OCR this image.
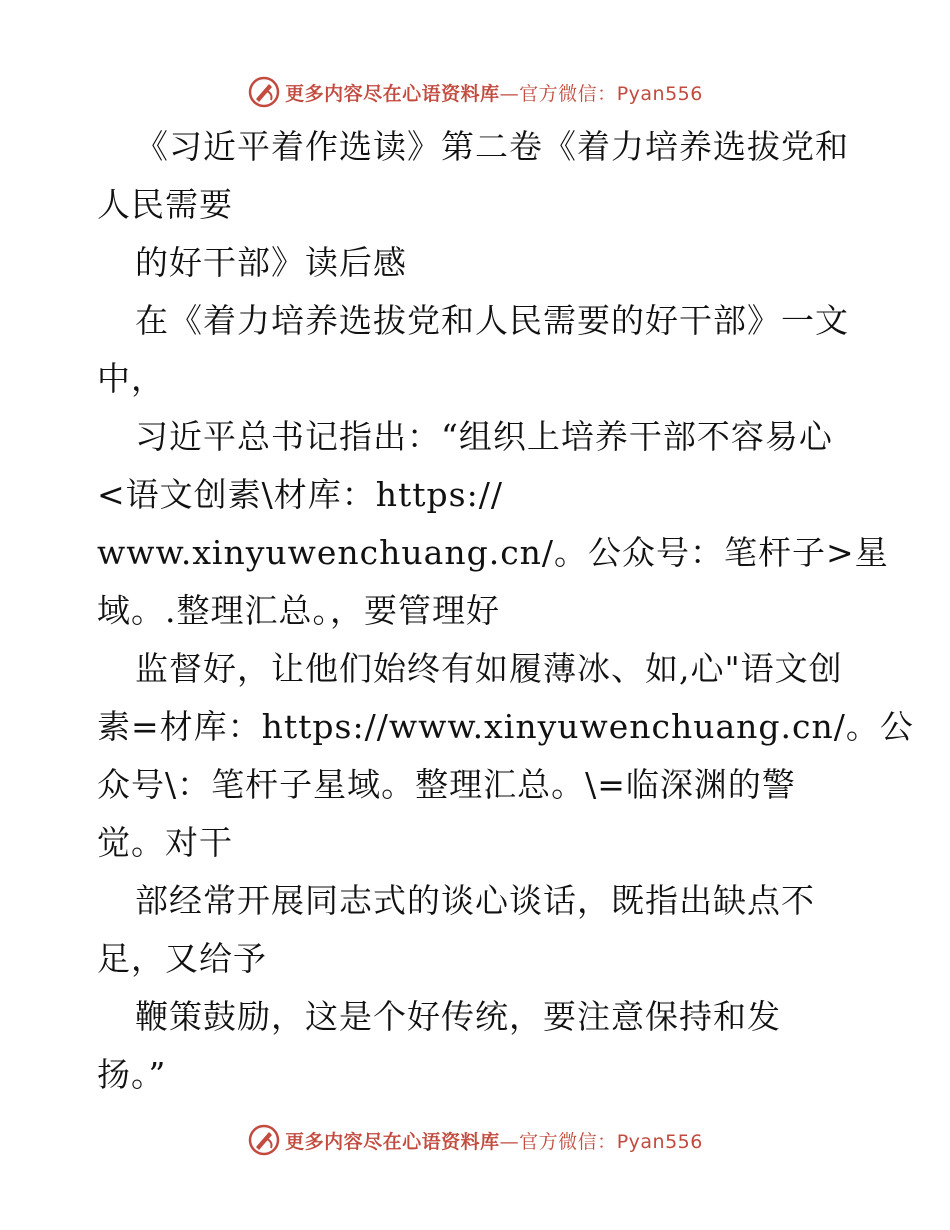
更多内容尽在心语资料库—官方微信：Pyan556
《习近平着作选读》第二卷《着力培养选拔党和
人民需要
的好干部》读后感
在《着力培养选拔党和人民需要的好干部》一文
中，
习近平总书记指出：“组织上培养干部不容易心
<语文创素\材库：https://
www.xinyuwenchuang.cn/。公众号：笔杆子>星
域。.整理汇总。，要管理好
监督好，让他们始终有如履薄冰、如,心"语文创
素=材库：https://www.xinyuwenchuang.cn/。公
众号\：笔杆子星域。整理汇总。\=临深渊的警
觉。对干
部经常开展同志式的谈心谈话，既指出缺点不
足，又给予
鞭策鼓励，这是个好传统，要注意保持和发
扬。”
更多内容尽在心语资料库—官方微信：Pyan556
